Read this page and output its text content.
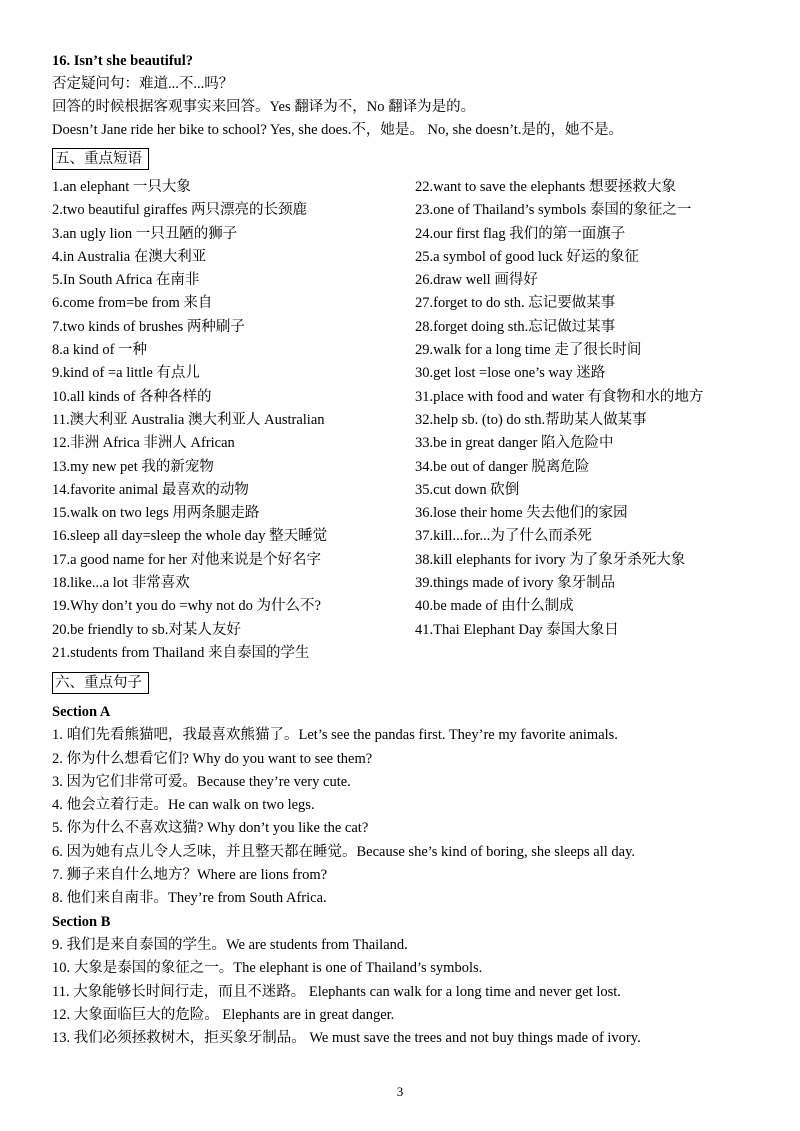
16. Isn’t she beautiful?
否定疑问句：难道...不...吗？
回答的时候根据客观事实来回答。Yes 翻译为不，No 翻译为是的。
Doesn’t Jane ride her bike to school? Yes, she does.不，她是。 No, she doesn’t.是的，她不是。
五、重点短语
1.an elephant 一只大象
2.two beautiful giraffes 两只漂亮的长颈鹿
3.an ugly lion 一只丑陋的狮子
4.in Australia 在澳大利亚
5.In South Africa 在南非
6.come from=be from 来自
7.two kinds of brushes 两种刷子
8.a kind of 一种
9.kind of =a little 有点儿
10.all kinds of 各种各样的
11.澳大利亚 Australia 澳大利亚人 Australian
12.非洲 Africa 非洲人 African
13.my new pet 我的新宠物
14.favorite animal 最喜欢的动物
15.walk on two legs 用两条腿走路
16.sleep all day=sleep the whole day 整天睡觉
17.a good name for her 对他来说是个好名字
18.like...a lot 非常喜欢
19.Why don’t you do =why not do 为什么不?
20.be friendly to sb.对某人友好
21.students from Thailand 来自泰国的学生
22.want to save the elephants 想要拯救大象
23.one of Thailand’s symbols 泰国的象征之一
24.our first flag 我们的第一面旗子
25.a symbol of good luck 好运的象征
26.draw well 画得好
27.forget to do sth. 忘记要做某事
28.forget doing sth.忘记做过某事
29.walk for a long time 走了很长时间
30.get lost =lose one’s way 迷路
31.place with food and water 有食物和水的地方
32.help sb. (to) do sth.帮助某人做某事
33.be in great danger 陷入危险中
34.be out of danger 脱离危险
35.cut down 砍倒
36.lose their home 失去他们的家园
37.kill...for...为了什么而杀死
38.kill elephants for ivory 为了象牙杀死大象
39.things made of ivory 象牙制品
40.be made of 由什么制成
41.Thai Elephant Day 泰国大象日
六、重点句子
Section A
1. 咱们先看熊猫吧，我最喜欢熊猫了。Let’s see the pandas first. They’re my favorite animals.
2. 你为什么想看它们? Why do you want to see them?
3. 因为它们非常可爱。Because they’re very cute.
4. 他会立着行走。He can walk on two legs.
5. 你为什么不喜欢这猫? Why don’t you like the cat?
6. 因为她有点儿令人乏味，并且整天都在睡觉。Because she’s kind of boring, she sleeps all day.
7. 狮子来自什么地方？Where are lions from?
8. 他们来自南非。They’re from South Africa.
Section B
9. 我们是来自泰国的学生。We are students from Thailand.
10. 大象是泰国的象征之一。The elephant is one of Thailand’s symbols.
11. 大象能够长时间行走，而且不迷路。 Elephants can walk for a long time and never get lost.
12. 大象面临巨大的危险。 Elephants are in great danger.
13. 我们必须拯救树木，拒买象牙制品。 We must save the trees and not buy things made of ivory.
3
